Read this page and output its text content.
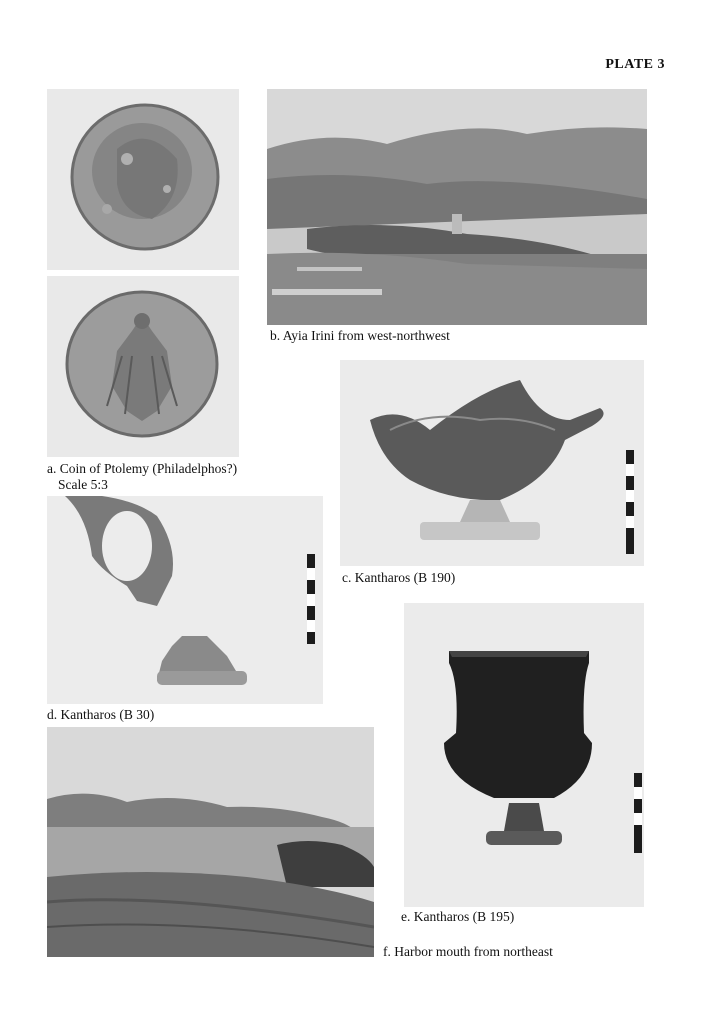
PLATE 3
a. Coin of Ptolemy (Philadelphos?)
Scale 5:3
b. Ayia Irini from west-northwest
c. Kantharos (B 190)
d. Kantharos (B 30)
e. Kantharos (B 195)
f. Harbor mouth from northeast
